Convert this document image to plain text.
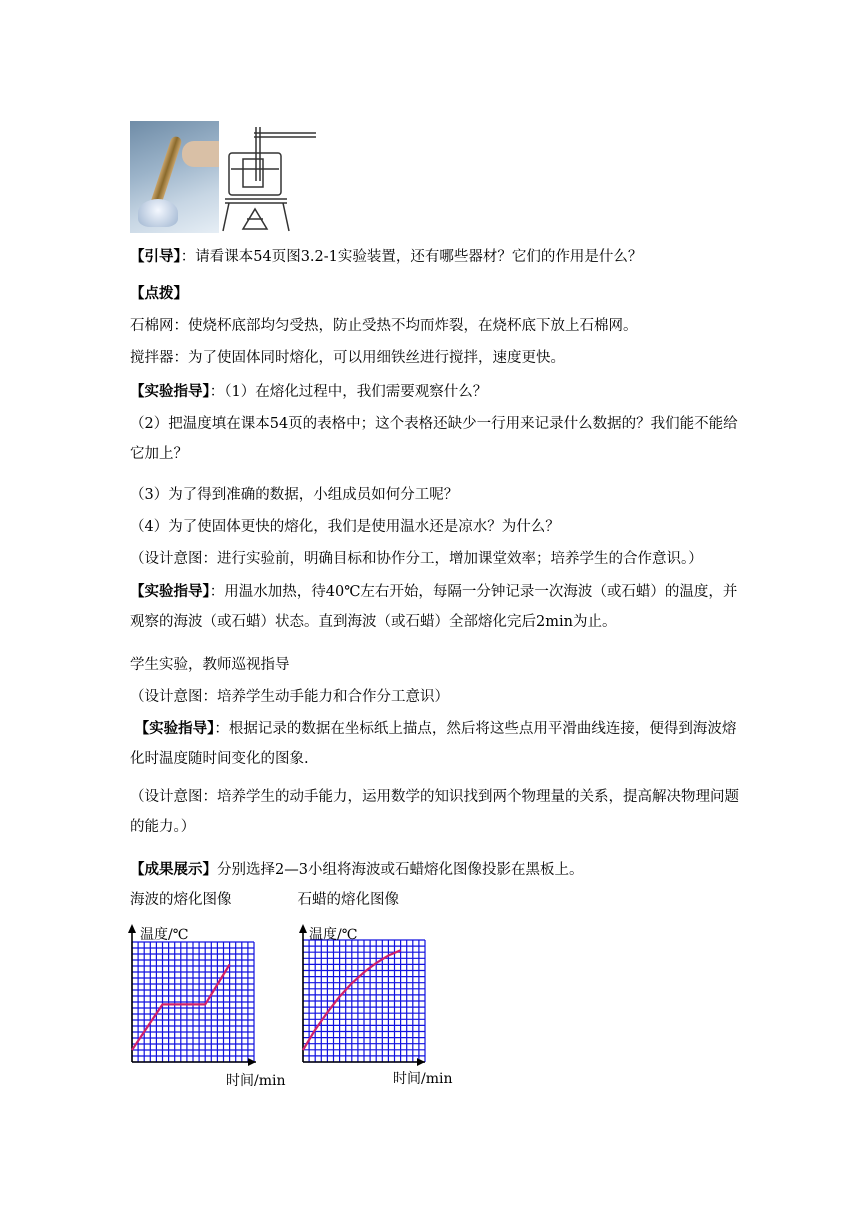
【引导】：请看课本54页图3.2-1实验装置，还有哪些器材？它们的作用是什么？
【点拨】
石棉网：使烧杯底部均匀受热，防止受热不均而炸裂，在烧杯底下放上石棉网。
搅拌器：为了使固体同时熔化，可以用细铁丝进行搅拌，速度更快。
【实验指导】：（1）在熔化过程中，我们需要观察什么？
（2）把温度填在课本54页的表格中；这个表格还缺少一行用来记录什么数据的？我们能不能给它加上？
（3）为了得到准确的数据，小组成员如何分工呢？
（4）为了使固体更快的熔化，我们是使用温水还是凉水？为什么？
（设计意图：进行实验前，明确目标和协作分工，增加课堂效率；培养学生的合作意识。）
【实验指导】：用温水加热，待40℃左右开始，每隔一分钟记录一次海波（或石蜡）的温度，并观察的海波（或石蜡）状态。直到海波（或石蜡）全部熔化完后2min为止。
学生实验，教师巡视指导
（设计意图：培养学生动手能力和合作分工意识）
【实验指导】：根据记录的数据在坐标纸上描点，然后将这些点用平滑曲线连接，便得到海波熔化时温度随时间变化的图象.
（设计意图：培养学生的动手能力，运用数学的知识找到两个物理量的关系，提高解决物理问题的能力。）
【成果展示】分别选择2—3小组将海波或石蜡熔化图像投影在黑板上。
海波的熔化图像	石蜡的熔化图像
温度/℃
时间/min
温度/℃
时间/min
